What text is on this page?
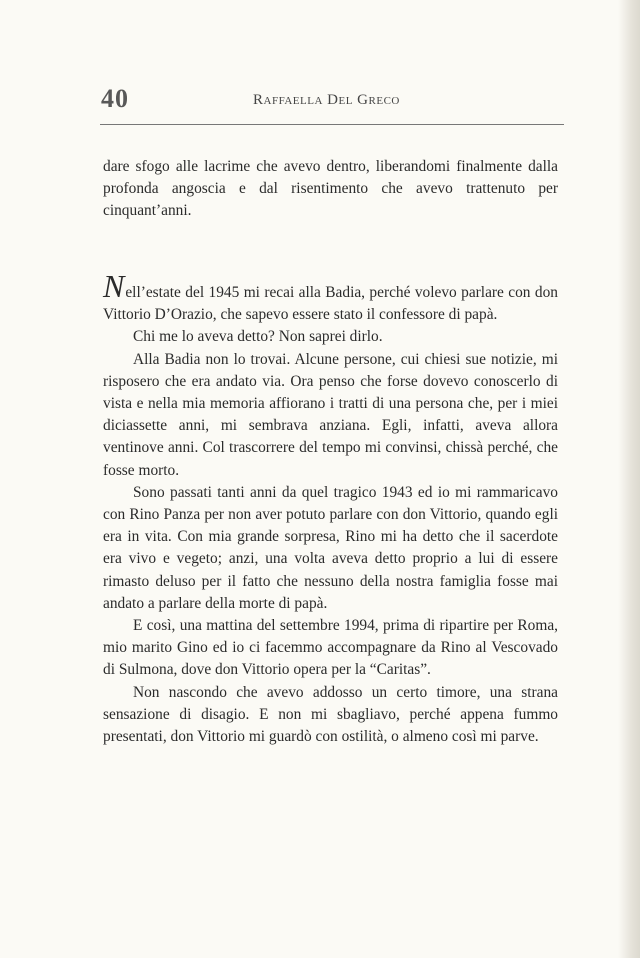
40	Raffaella Del Greco

dare sfogo alle lacrime che avevo dentro, liberandomi finalmente dalla profonda angoscia e dal risentimento che avevo trattenuto per cinquant’anni.

Nell’estate del 1945 mi recai alla Badia, perché volevo parlare con don Vittorio D’Orazio, che sapevo essere stato il confessore di papà.

Chi me lo aveva detto? Non saprei dirlo.

Alla Badia non lo trovai. Alcune persone, cui chiesi sue notizie, mi risposero che era andato via. Ora penso che forse dovevo conoscerlo di vista e nella mia memoria affiorano i tratti di una persona che, per i miei diciassette anni, mi sembrava anziana. Egli, infatti, aveva allora ventinove anni. Col trascorrere del tempo mi convinsi, chissà perché, che fosse morto.

Sono passati tanti anni da quel tragico 1943 ed io mi rammaricavo con Rino Panza per non aver potuto parlare con don Vittorio, quando egli era in vita. Con mia grande sorpresa, Rino mi ha detto che il sacerdote era vivo e vegeto; anzi, una volta aveva detto proprio a lui di essere rimasto deluso per il fatto che nessuno della nostra famiglia fosse mai andato a parlare della morte di papà.

E così, una mattina del settembre 1994, prima di ripartire per Roma, mio marito Gino ed io ci facemmo accompagnare da Rino al Vescovado di Sulmona, dove don Vittorio opera per la “Caritas”.

Non nascondo che avevo addosso un certo timore, una strana sensazione di disagio. E non mi sbagliavo, perché appena fummo presentati, don Vittorio mi guardò con ostilità, o almeno così mi parve.
